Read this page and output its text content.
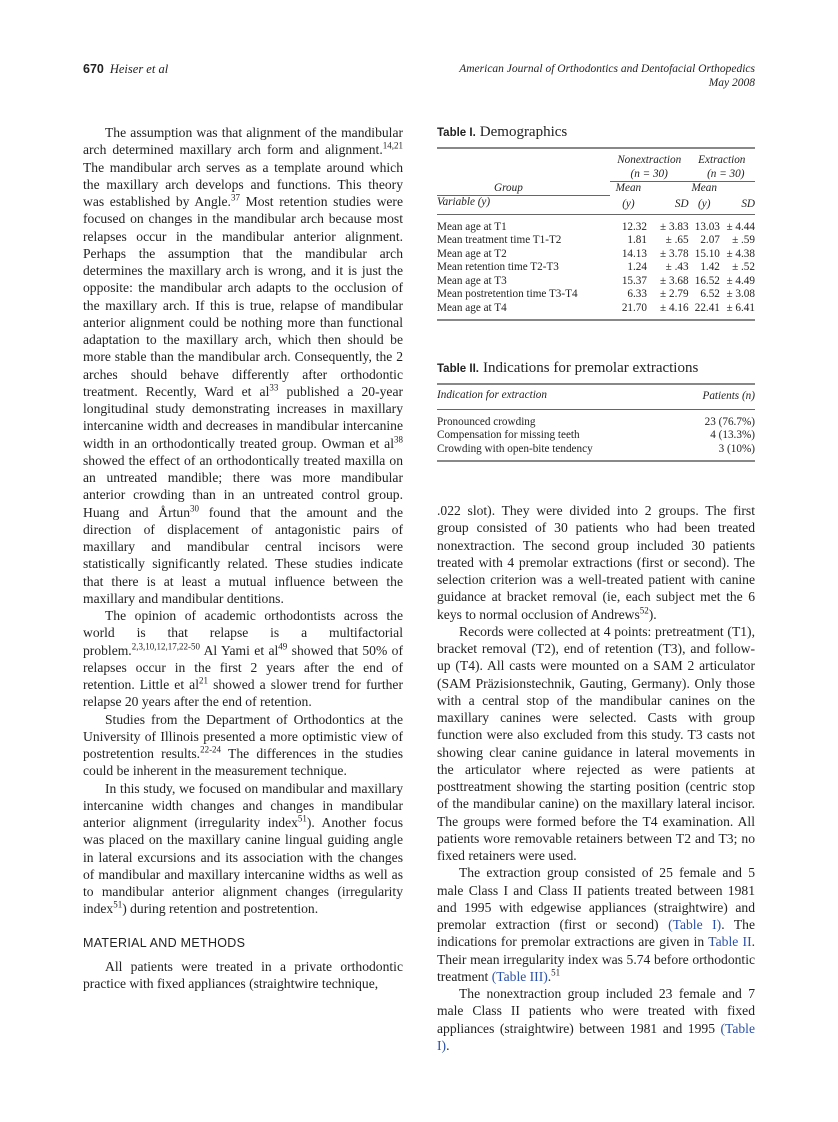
670 Heiser et al	American Journal of Orthodontics and Dentofacial Orthopedics
May 2008

The assumption was that alignment of the mandibular arch determined maxillary arch form and alignment.$^{14,21}$ The mandibular arch serves as a template around which the maxillary arch develops and functions. This theory was established by Angle.$^{37}$ Most retention studies were focused on changes in the mandibular arch because most relapses occur in the mandibular anterior alignment. Perhaps the assumption that the mandibular arch determines the maxillary arch is wrong, and it is just the opposite: the mandibular arch adapts to the occlusion of the maxillary arch. If this is true, relapse of mandibular anterior alignment could be nothing more than functional adaptation to the maxillary arch, which then should be more stable than the mandibular arch. Consequently, the 2 arches should behave differently after orthodontic treatment. Recently, Ward et $al^{33}$ published a 20-year longitudinal study demonstrating increases in maxillary intercanine width and decreases in mandibular intercanine width in an orthodontically treated group. Owman et $al^{38}$ showed the effect of an orthodontically treated maxilla on an untreated mandible; there was more mandibular anterior crowding than in an untreated control group. Huang and Årtun$^{30}$ found that the amount and the direction of displacement of antagonistic pairs of maxillary and mandibular central incisors were statistically significantly related. These studies indicate that there is at least a mutual influence between the maxillary and mandibular dentitions.

The opinion of academic orthodontists across the world is that relapse is a multifactorial problem.$^{2,3,10,12,17,22-50}$ Al Yami et $al^{49}$ showed that 50% of relapses occur in the first 2 years after the end of retention. Little et $al^{21}$ showed a slower trend for further relapse 20 years after the end of retention.

Studies from the Department of Orthodontics at the University of Illinois presented a more optimistic view of postretention results.$^{22-24}$ The differences in the studies could be inherent in the measurement technique.

In this study, we focused on mandibular and maxillary intercanine width changes and changes in mandibular anterior alignment (irregularity index$^{51}$). Another focus was placed on the maxillary canine lingual guiding angle in lateral excursions and its association with the changes of mandibular and maxillary intercanine widths as well as to mandibular anterior alignment changes (irregularity index$^{51}$) during retention and postretention.

MATERIAL AND METHODS

All patients were treated in a private orthodontic practice with fixed appliances (straightwire technique,

.022 slot). They were divided into 2 groups. The first group consisted of 30 patients who had been treated nonextraction. The second group included 30 patients treated with 4 premolar extractions (first or second). The selection criterion was a well-treated patient with canine guidance at bracket removal (ie, each subject met the 6 keys to normal occlusion of Andrews$^{52}$).

Records were collected at 4 points: pretreatment (T1), bracket removal (T2), end of retention (T3), and follow-up (T4). All casts were mounted on a SAM 2 articulator (SAM Präzisionstechnik, Gauting, Germany). Only those with a central stop of the mandibular canines on the maxillary canines were selected. Casts with group function were also excluded from this study. T3 casts not showing clear canine guidance in lateral movements in the articulator where rejected as were patients at posttreatment showing the starting position (centric stop of the mandibular canine) on the maxillary lateral incisor. The groups were formed before the T4 examination. All patients wore removable retainers between T2 and T3; no fixed retainers were used.

The extraction group consisted of 25 female and 5 male Class I and Class II patients treated between 1981 and 1995 with edgewise appliances (straightwire) and premolar extraction (first or second) (Table I). The indications for premolar extractions are given in Table II. Their mean irregularity index was 5.74 before orthodontic treatment (Table III).$^{51}$

The nonextraction group included 23 female and 7 male Class II patients who were treated with fixed appliances (straightwire) between 1981 and 1995 (Table I).

Table I. Demographics

	Nonextraction		Extraction	
	(n = 30)		(n = 30)	
Group	Mean		Mean	
Variable (y)	(y)	SD	(y)	SD
Mean age at T1	12.32	± 3.83	13.03	± 4.44
Mean treatment time T1-T2	1.81	± .65	2.07	± .59
Mean age at T2	14.13	± 3.78	15.10	± 4.38
Mean retention time T2-T3	1.24	± .43	1.42	± .52
Mean age at T3	15.37	± 3.68	16.52	± 4.49
Mean postretention time T3-T4	6.33	± 2.79	6.52	± 3.08
Mean age at T4	21.70	± 4.16	22.41	± 6.41
Table II. Indications for premolar extractions
Indication for extraction	Patients (n)
Pronounced crowding	23 (76.7%)
Compensation for missing teeth	4 (13.3%)
Crowding with open-bite tendency	3 (10%)
